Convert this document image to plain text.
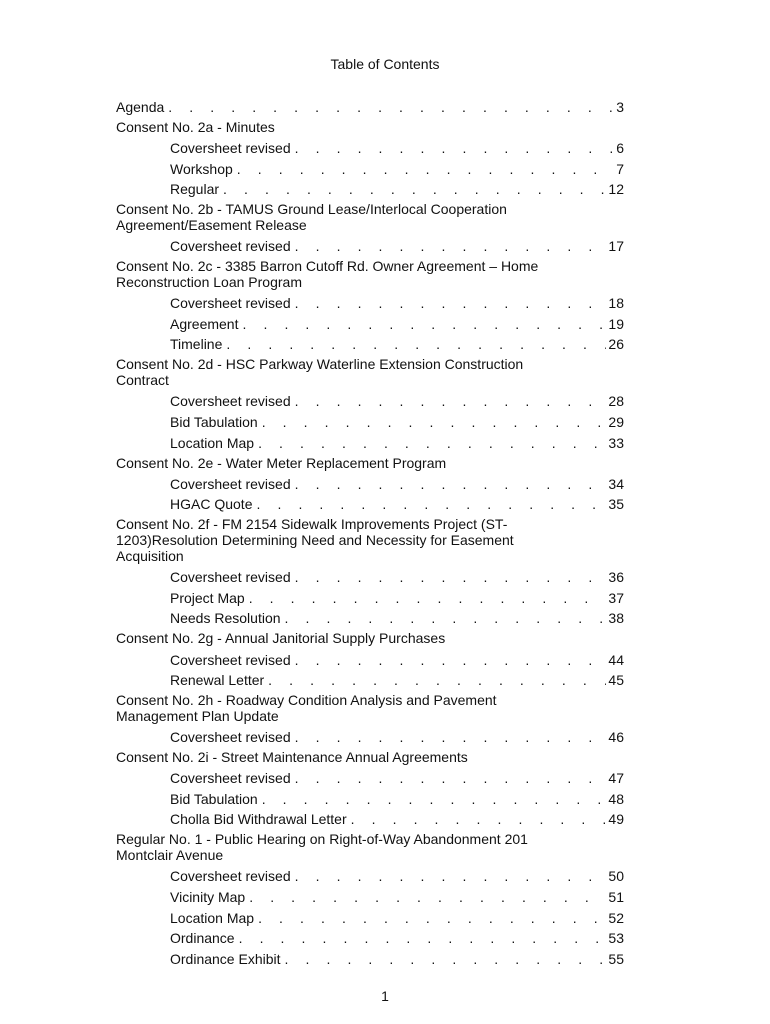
Table of Contents
Agenda . . .	3
Consent No. 2a - Minutes
Coversheet revised . . .	6
Workshop . . .	7
Regular . . .	12
Consent No. 2b - TAMUS Ground Lease/Interlocal Cooperation Agreement/Easement Release
Coversheet revised . . .	17
Consent No. 2c - 3385 Barron Cutoff Rd. Owner Agreement – Home Reconstruction Loan Program
Coversheet revised . . .	18
Agreement . . .	19
Timeline . . .	26
Consent No. 2d - HSC Parkway Waterline Extension Construction Contract
Coversheet revised . . .	28
Bid Tabulation . . .	29
Location Map . . .	33
Consent No. 2e - Water Meter Replacement Program
Coversheet revised . . .	34
HGAC Quote . . .	35
Consent No. 2f - FM 2154 Sidewalk Improvements Project (ST-1203)Resolution Determining Need and Necessity for Easement Acquisition
Coversheet revised . . .	36
Project Map . . .	37
Needs Resolution . . .	38
Consent No. 2g - Annual Janitorial Supply Purchases
Coversheet revised . . .	44
Renewal Letter . . .	45
Consent No. 2h - Roadway Condition Analysis and Pavement Management Plan Update
Coversheet revised . . .	46
Consent No. 2i - Street Maintenance Annual Agreements
Coversheet revised . . .	47
Bid Tabulation . . .	48
Cholla Bid Withdrawal Letter . . .	49
Regular No. 1 - Public Hearing on Right-of-Way Abandonment 201 Montclair Avenue
Coversheet revised . . .	50
Vicinity Map . . .	51
Location Map . . .	52
Ordinance . . .	53
Ordinance Exhibit . . .	55
1
